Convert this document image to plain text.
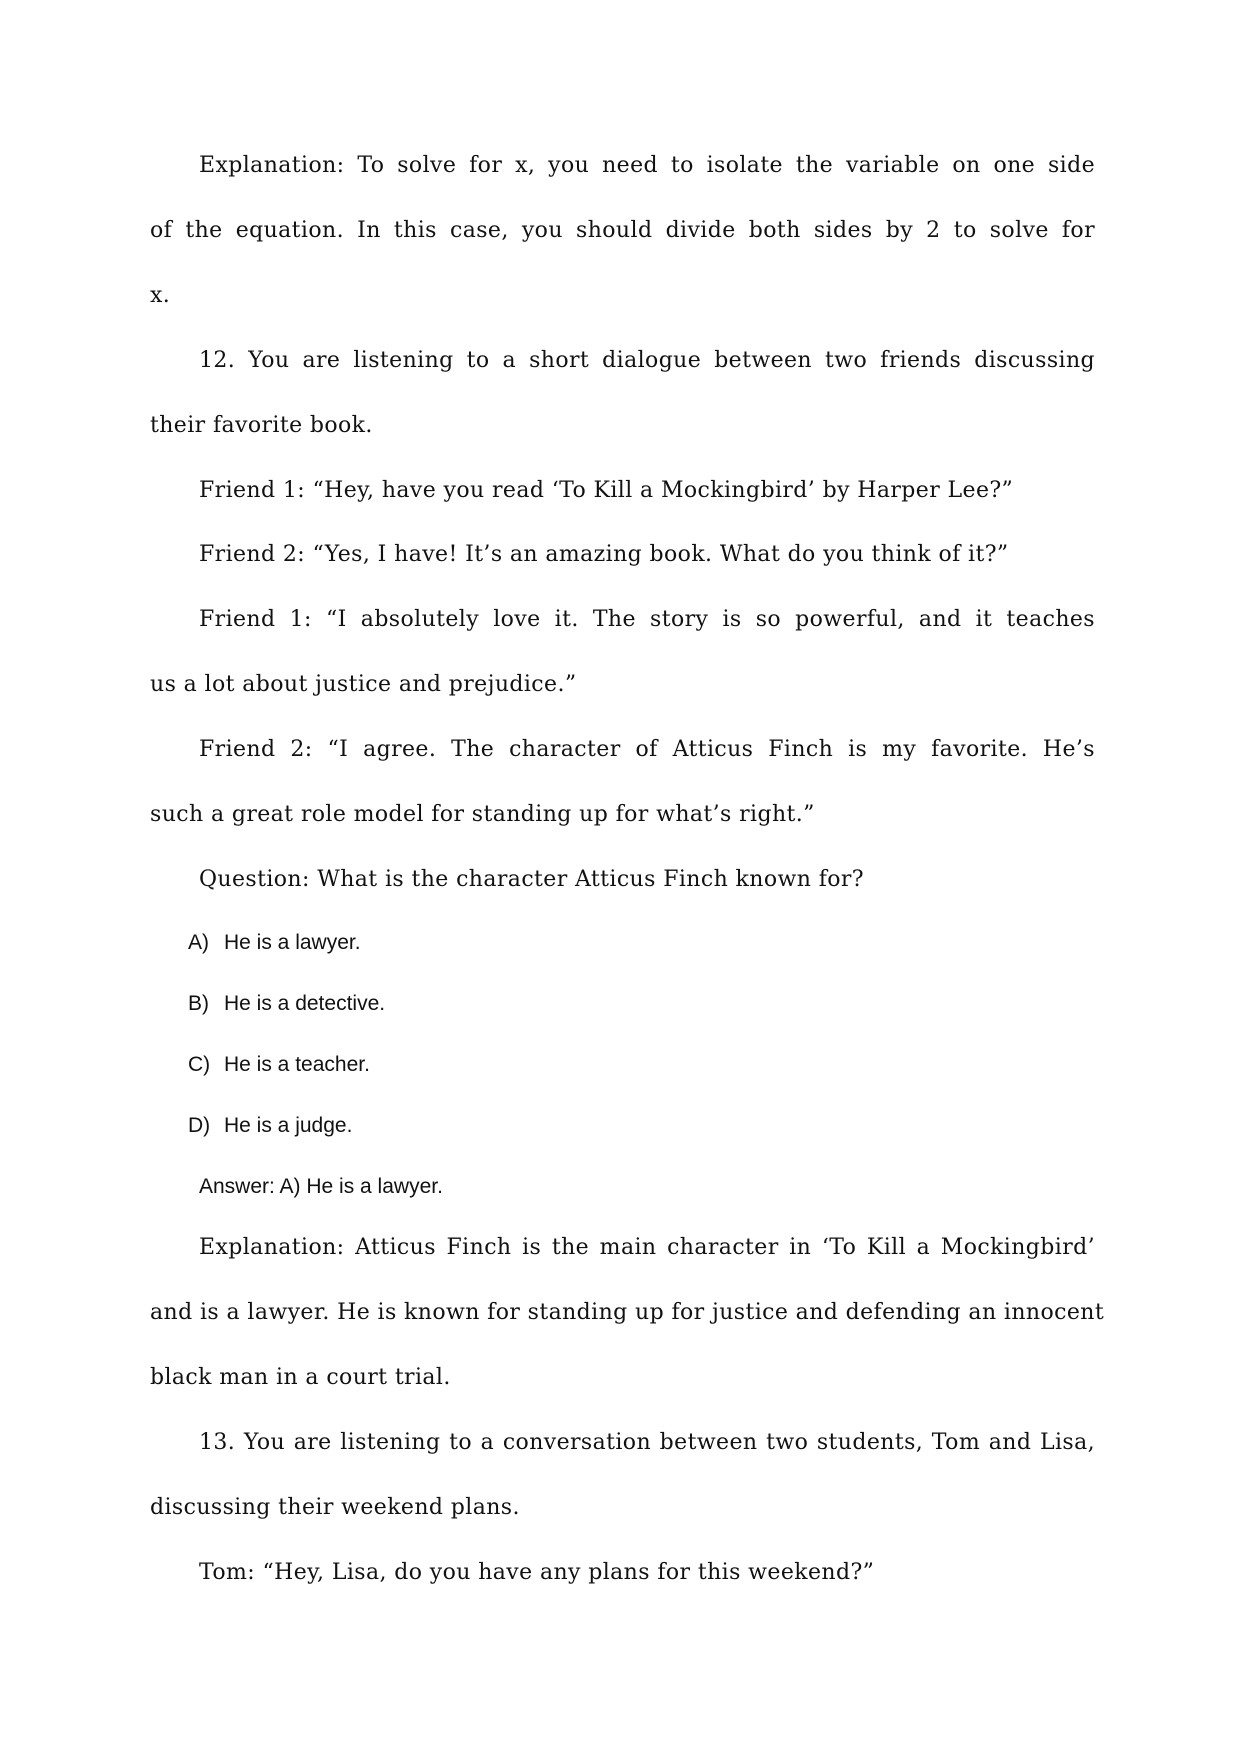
Explanation: To solve for x, you need to isolate the variable on one side
of the equation. In this case, you should divide both sides by 2 to solve for
x.
12. You are listening to a short dialogue between two friends discussing
their favorite book.
Friend 1: “Hey, have you read ‘To Kill a Mockingbird’ by Harper Lee?”
Friend 2: “Yes, I have! It’s an amazing book. What do you think of it?”
Friend 1: “I absolutely love it. The story is so powerful, and it teaches
us a lot about justice and prejudice.”
Friend 2: “I agree. The character of Atticus Finch is my favorite. He’s
such a great role model for standing up for what’s right.”
Question: What is the character Atticus Finch known for?
A) He is a lawyer.
B) He is a detective.
C) He is a teacher.
D) He is a judge.
Answer: A) He is a lawyer.
Explanation: Atticus Finch is the main character in ‘To Kill a Mockingbird’
and is a lawyer. He is known for standing up for justice and defending an innocent
black man in a court trial.
13. You are listening to a conversation between two students, Tom and Lisa,
discussing their weekend plans.
Tom: “Hey, Lisa, do you have any plans for this weekend?”
